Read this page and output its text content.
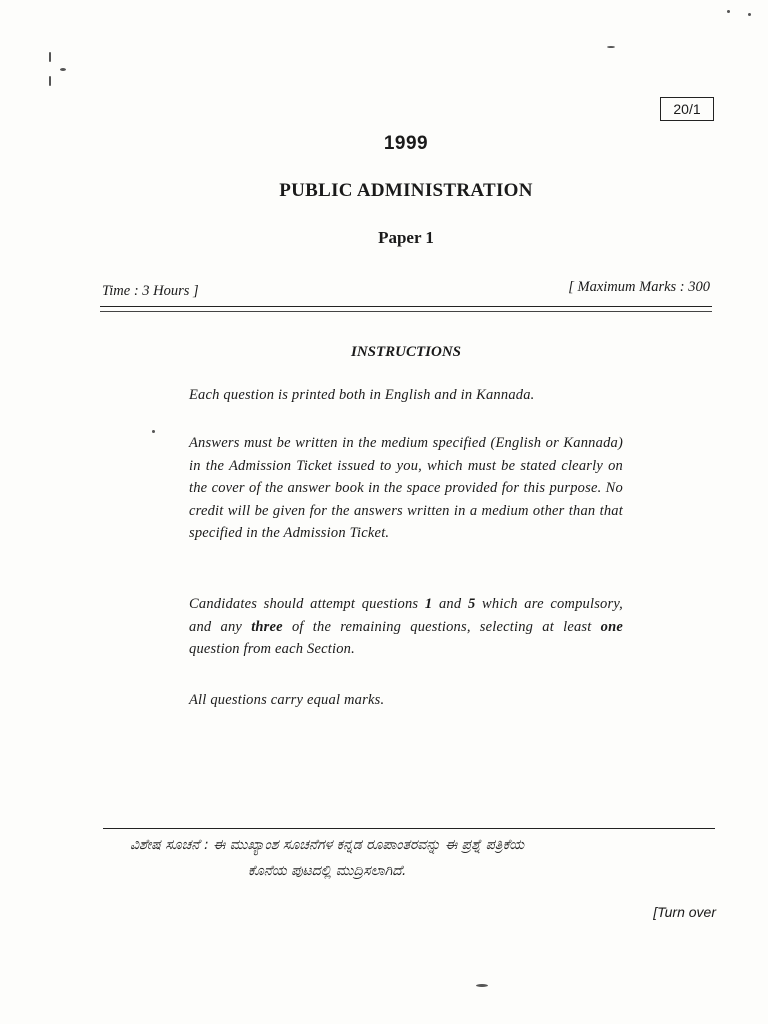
20/1
1999
PUBLIC ADMINISTRATION
Paper 1
Time : 3 Hours ]	[ Maximum Marks : 300
INSTRUCTIONS
Each question is printed both in English and in Kannada.
Answers must be written in the medium specified (English or Kannada) in the Admission Ticket issued to you, which must be stated clearly on the cover of the answer book in the space provided for this purpose. No credit will be given for the answers written in a medium other than that specified in the Admission Ticket.
Candidates should attempt questions 1 and 5 which are compulsory, and any three of the remaining questions, selecting at least one question from each Section.
All questions carry equal marks.
ವಿಶೇಷ ಸೂಚನೆ : ಈ ಮುಖ್ಯಾಂಶ ಸೂಚನೆಗಳ ಕನ್ನಡ ರೂಪಾಂತರವನ್ನು ಈ ಪ್ರಶ್ನೆ ಪತ್ರಿಕೆಯ
ಕೊನೆಯ ಪುಟದಲ್ಲಿ ಮುದ್ರಿಸಲಾಗಿದೆ.
[Turn over
